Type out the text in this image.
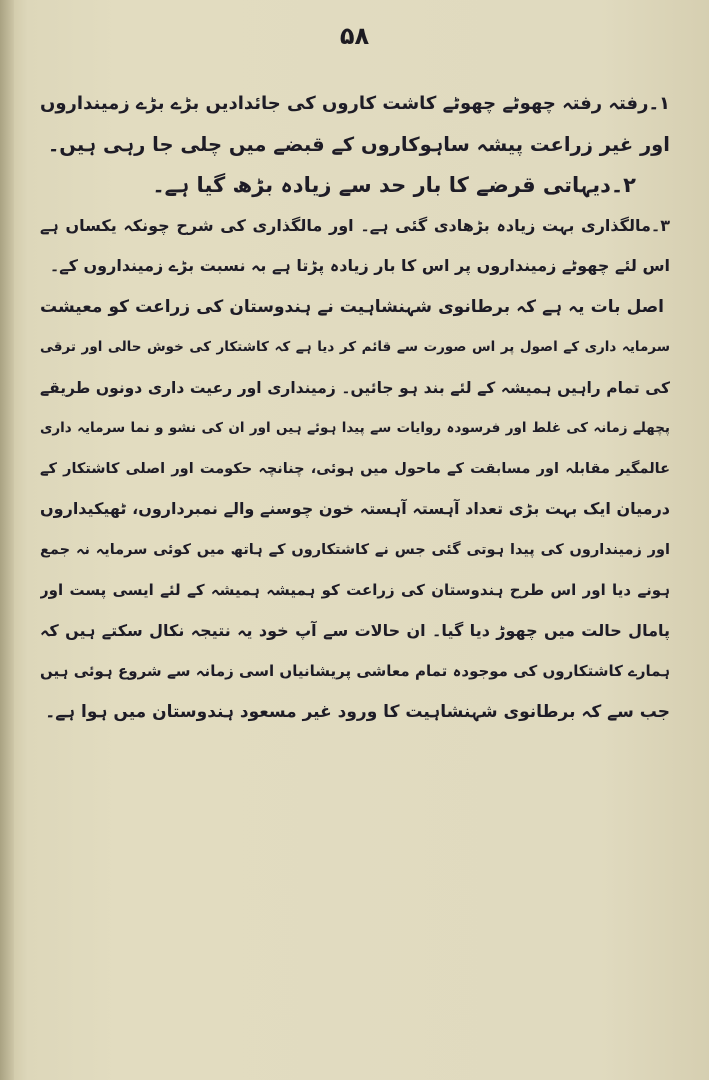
۵۸
۱۔رفتہ رفتہ چھوٹے چھوٹے کاشت کاروں کی جائدادیں بڑے بڑے زمینداروں
اور غیر زراعت پیشہ ساہوکاروں کے قبضے میں چلی جا رہی ہیں۔
۲۔دیہاتی قرضے کا بار حد سے زیادہ بڑھ گیا ہے۔
۳۔مالگذاری بہت زیادہ بڑھادی گئی ہے۔ اور مالگذاری کی شرح چونکہ یکساں ہے
اس لئے چھوٹے زمینداروں پر اس کا بار زیادہ پڑتا ہے بہ نسبت بڑے زمینداروں کے۔
اصل بات یہ ہے کہ برطانوی شہنشاہیت نے ہندوستان کی زراعت کو معیشت
سرمایہ داری کے اصول پر اس صورت سے قائم کر دیا ہے کہ کاشتکار کی خوش حالی اور ترقی
کی تمام راہیں ہمیشہ کے لئے بند ہو جائیں۔ زمینداری اور رعیت داری دونوں طریقے
پچھلے زمانہ کی غلط اور فرسودہ روایات سے پیدا ہوئے ہیں اور ان کی نشو و نما سرمایہ داری
عالمگیر مقابلہ اور مسابقت کے ماحول میں ہوئی، چنانچہ حکومت اور اصلی کاشتکار کے
درمیان ایک بہت بڑی تعداد آہستہ آہستہ خون چوسنے والے نمبرداروں، ٹھیکیداروں
اور زمینداروں کی پیدا ہوتی گئی جس نے کاشتکاروں کے ہاتھ میں کوئی سرمایہ نہ جمع
ہونے دیا اور اس طرح ہندوستان کی زراعت کو ہمیشہ ہمیشہ کے لئے ایسی پست اور
پامال حالت میں چھوڑ دیا گیا۔ ان حالات سے آپ خود یہ نتیجہ نکال سکتے ہیں کہ
ہمارے کاشتکاروں کی موجودہ تمام معاشی پریشانیاں اسی زمانہ سے شروع ہوئی ہیں
جب سے کہ برطانوی شہنشاہیت کا ورود غیر مسعود ہندوستان میں ہوا ہے۔
